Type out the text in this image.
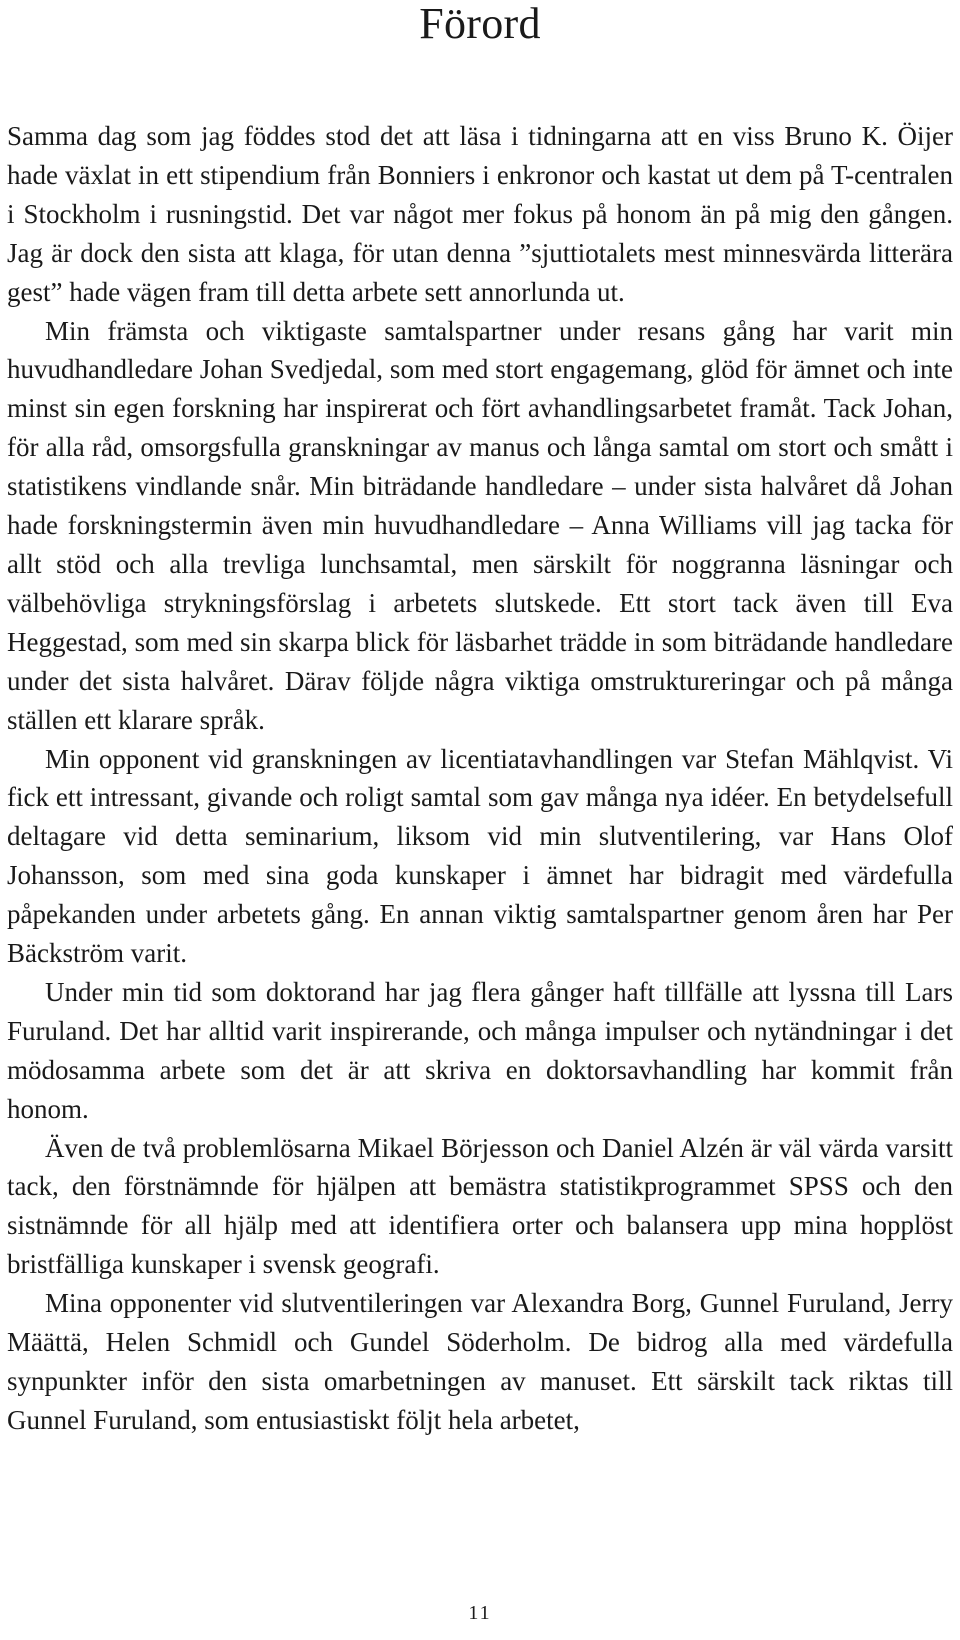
Förord

Samma dag som jag föddes stod det att läsa i tidningarna att en viss Bruno K. Öijer hade växlat in ett stipendium från Bonniers i enkronor och kastat ut dem på T-centralen i Stockholm i rusningstid. Det var något mer fokus på honom än på mig den gången. Jag är dock den sista att klaga, för utan denna ”sjuttiotalets mest minnesvärda litterära gest” hade vägen fram till detta arbete sett annorlunda ut.

Min främsta och viktigaste samtalspartner under resans gång har varit min huvudhandledare Johan Svedjedal, som med stort engagemang, glöd för ämnet och inte minst sin egen forskning har inspirerat och fört avhandlingsarbetet framåt. Tack Johan, för alla råd, omsorgsfulla granskningar av manus och långa samtal om stort och smått i statistikens vindlande snår. Min biträdande handledare – under sista halvåret då Johan hade forskningstermin även min huvudhandledare – Anna Williams vill jag tacka för allt stöd och alla trevliga lunchsamtal, men särskilt för noggranna läsningar och välbehövliga strykningsförslag i arbetets slutskede. Ett stort tack även till Eva Heggestad, som med sin skarpa blick för läsbarhet trädde in som biträdande handledare under det sista halvåret. Därav följde några viktiga omstruktureringar och på många ställen ett klarare språk.

Min opponent vid granskningen av licentiatavhandlingen var Stefan Mählqvist. Vi fick ett intressant, givande och roligt samtal som gav många nya idéer. En betydelsefull deltagare vid detta seminarium, liksom vid min slutventilering, var Hans Olof Johansson, som med sina goda kunskaper i ämnet har bidragit med värdefulla påpekanden under arbetets gång. En annan viktig samtalspartner genom åren har Per Bäckström varit.

Under min tid som doktorand har jag flera gånger haft tillfälle att lyssna till Lars Furuland. Det har alltid varit inspirerande, och många impulser och nytändningar i det mödosamma arbete som det är att skriva en doktorsavhandling har kommit från honom.

Även de två problemlösarna Mikael Börjesson och Daniel Alzén är väl värda varsitt tack, den förstnämnde för hjälpen att bemästra statistikprogrammet SPSS och den sistnämnde för all hjälp med att identifiera orter och balansera upp mina hopplöst bristfälliga kunskaper i svensk geografi.

Mina opponenter vid slutventileringen var Alexandra Borg, Gunnel Furuland, Jerry Määttä, Helen Schmidl och Gundel Söderholm. De bidrog alla med värdefulla synpunkter inför den sista omarbetningen av manuset. Ett särskilt tack riktas till Gunnel Furuland, som entusiastiskt följt hela arbetet,

11
